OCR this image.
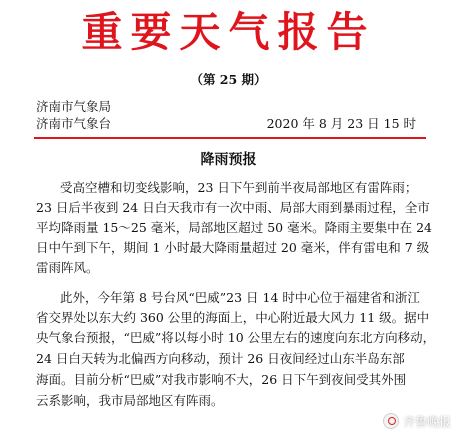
重要天气报告
（第 25 期）
济南市气象局
济南市气象台	2020 年 8 月 23 日 15 时
降雨预报
受高空槽和切变线影响，23 日下午到前半夜局部地区有雷阵雨；
23 日后半夜到 24 日白天我市有一次中雨、局部大雨到暴雨过程，全市
平均降雨量 15～25 毫米，局部地区超过 50 毫米。降雨主要集中在 24
日中午到下午，期间 1 小时最大降雨量超过 20 毫米，伴有雷电和 7 级
雷雨阵风。
此外，今年第 8 号台风“巴威”23 日 14 时中心位于福建省和浙江
省交界处以东大约 360 公里的海面上，中心附近最大风力 11 级。据中
央气象台预报，“巴威”将以每小时 10 公里左右的速度向东北方向移动，
24 日白天转为北偏西方向移动，预计 26 日夜间经过山东半岛东部
海面。目前分析“巴威”对我市影响不大，26 日下午到夜间受其外围
云系影响，我市局部地区有阵雨。
齐鲁晚报
